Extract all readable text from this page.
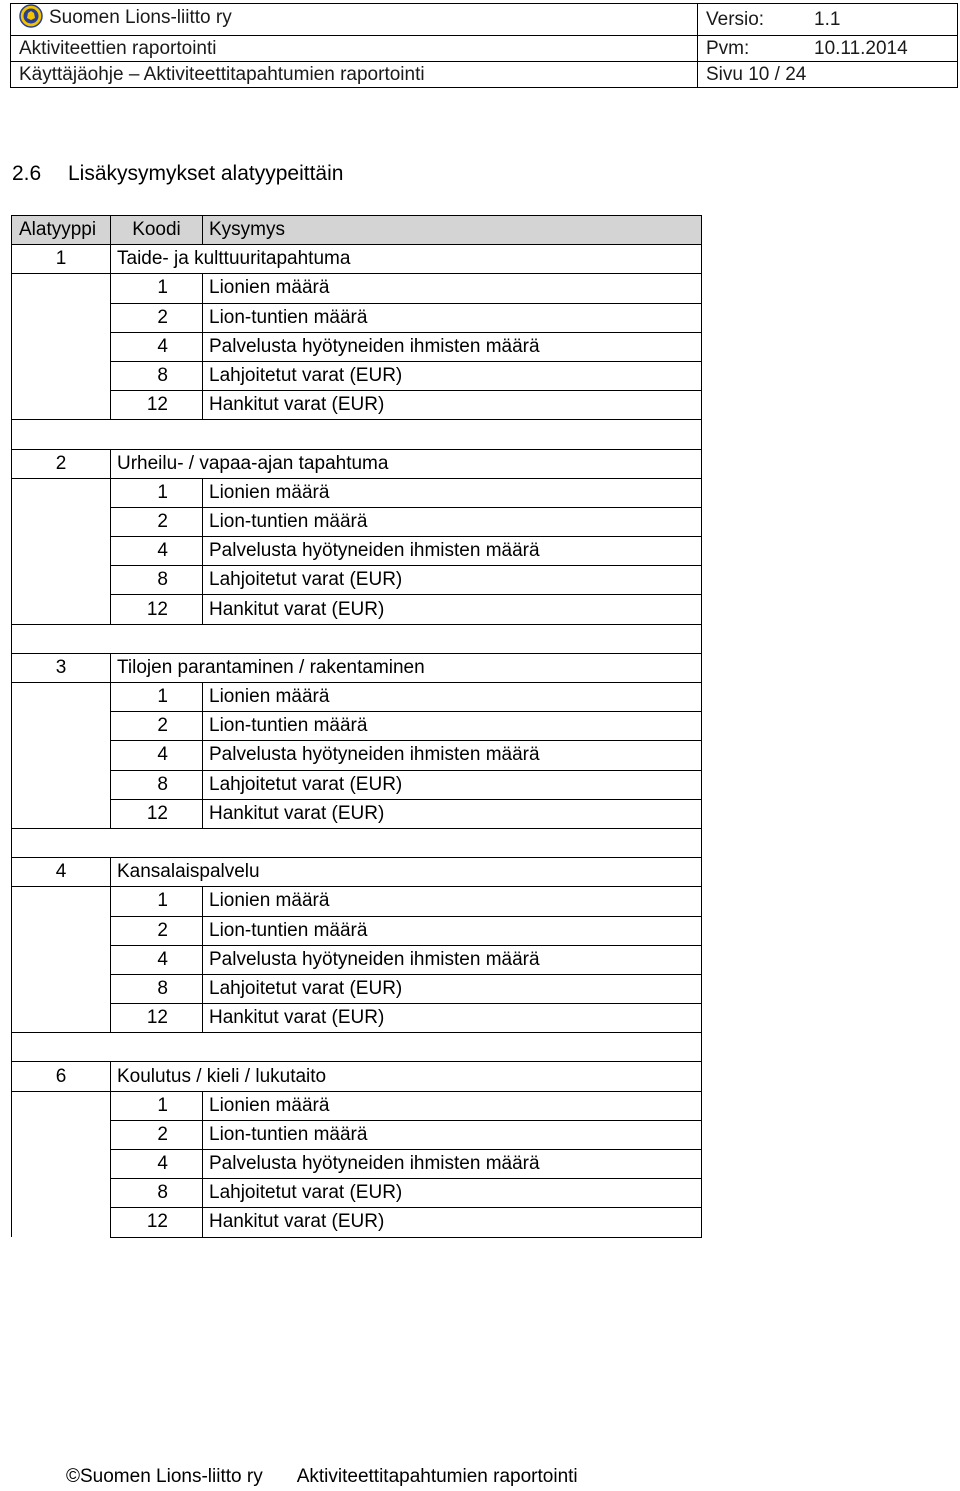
Suomen Lions-liitto ry	Versio:	1.1
Aktiviteettien raportointi	Pvm:	10.11.2014
Käyttäjäohje – Aktiviteettitapahtumien raportointi	Sivu 10 / 24	
2.6 Lisäkysymykset alatyypeittäin
Alatyyppi	Koodi	Kysymys
1	Taide- ja kulttuuritapahtuma	
	1	Lionien määrä
	2	Lion-tuntien määrä
	4	Palvelusta hyötyneiden ihmisten määrä
	8	Lahjoitetut varat (EUR)
	12	Hankitut varat (EUR)

2	Urheilu- / vapaa-ajan tapahtuma	
	1	Lionien määrä
	2	Lion-tuntien määrä
	4	Palvelusta hyötyneiden ihmisten määrä
	8	Lahjoitetut varat (EUR)
	12	Hankitut varat (EUR)

3	Tilojen parantaminen / rakentaminen	
	1	Lionien määrä
	2	Lion-tuntien määrä
	4	Palvelusta hyötyneiden ihmisten määrä
	8	Lahjoitetut varat (EUR)
	12	Hankitut varat (EUR)

4	Kansalaispalvelu	
	1	Lionien määrä
	2	Lion-tuntien määrä
	4	Palvelusta hyötyneiden ihmisten määrä
	8	Lahjoitetut varat (EUR)
	12	Hankitut varat (EUR)

6	Koulutus / kieli / lukutaito	
	1	Lionien määrä
	2	Lion-tuntien määrä
	4	Palvelusta hyötyneiden ihmisten määrä
	8	Lahjoitetut varat (EUR)
	12	Hankitut varat (EUR)
©Suomen Lions-liitto ry Aktiviteettitapahtumien raportointi
